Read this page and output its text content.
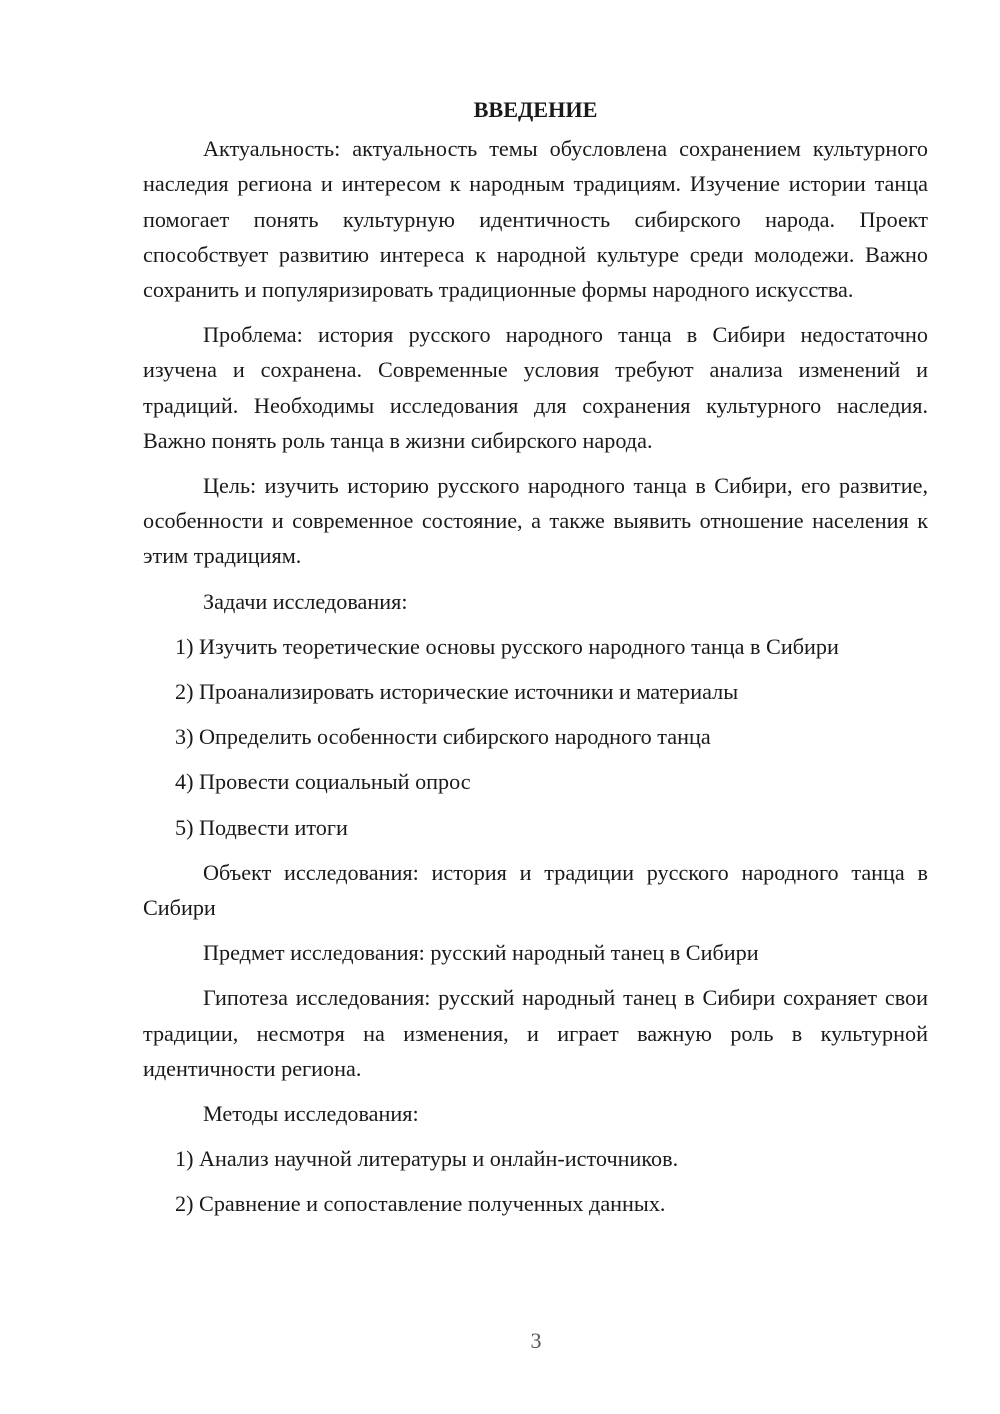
ВВЕДЕНИЕ

Актуальность: актуальность темы обусловлена сохранением культурного наследия региона и интересом к народным традициям. Изучение истории танца помогает понять культурную идентичность сибирского народа. Проект способствует развитию интереса к народной культуре среди молодежи. Важно сохранить и популяризировать традиционные формы народного искусства.

Проблема: история русского народного танца в Сибири недостаточно изучена и сохранена. Современные условия требуют анализа изменений и традиций. Необходимы исследования для сохранения культурного наследия. Важно понять роль танца в жизни сибирского народа.

Цель: изучить историю русского народного танца в Сибири, его развитие, особенности и современное состояние, а также выявить отношение населения к этим традициям.

Задачи исследования:

1) Изучить теоретические основы русского народного танца в Сибири
2) Проанализировать исторические источники и материалы
3) Определить особенности сибирского народного танца
4) Провести социальный опрос
5) Подвести итоги

Объект исследования: история и традиции русского народного танца в Сибири

Предмет исследования: русский народный танец в Сибири

Гипотеза исследования: русский народный танец в Сибири сохраняет свои традиции, несмотря на изменения, и играет важную роль в культурной идентичности региона.

Методы исследования:

1) Анализ научной литературы и онлайн-источников.
2) Сравнение и сопоставление полученных данных.
3
